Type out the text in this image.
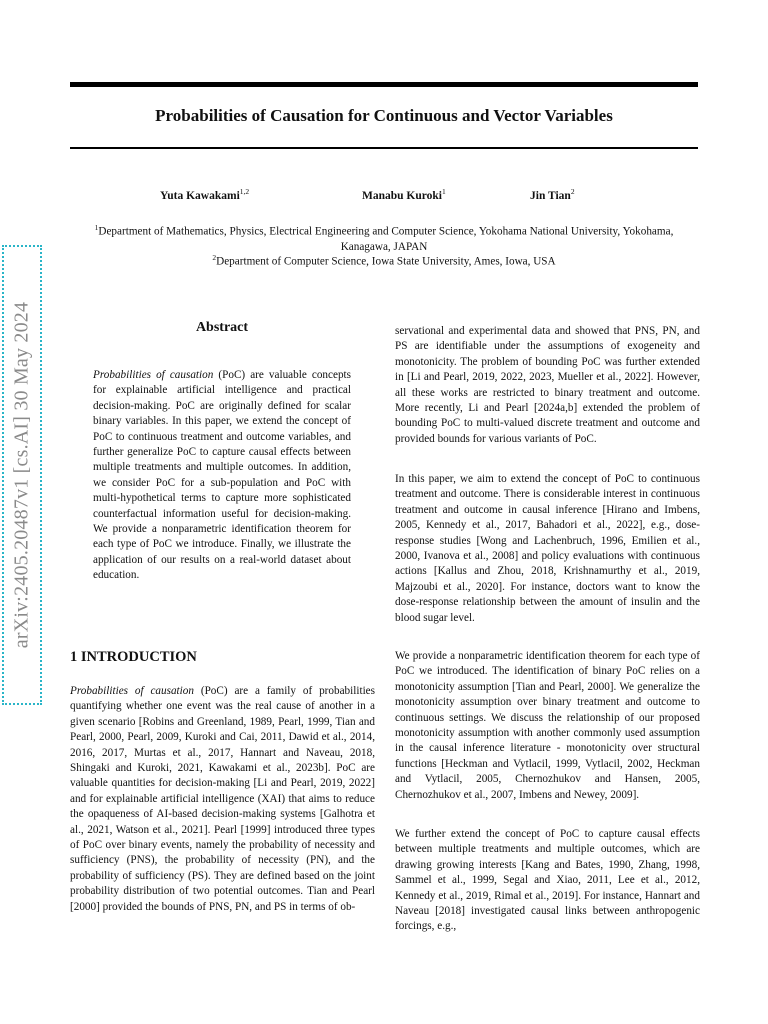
Probabilities of Causation for Continuous and Vector Variables
Yuta Kawakami$^{1,2}$	Manabu Kuroki$^1$	Jin Tian$^2$
$^1$Department of Mathematics, Physics, Electrical Engineering and Computer Science, Yokohama National University, Yokohama, Kanagawa, JAPAN
$^2$Department of Computer Science, Iowa State University, Ames, Iowa, USA
arXiv:2405.20487v1 [cs.AI] 30 May 2024	Abstract
Probabilities of causation (PoC) are valuable concepts for explainable artificial intelligence and practical decision-making. PoC are originally defined for scalar binary variables. In this paper, we extend the concept of PoC to continuous treatment and outcome variables, and further generalize PoC to capture causal effects between multiple treatments and multiple outcomes. In addition, we consider PoC for a sub-population and PoC with multi-hypothetical terms to capture more sophisticated counterfactual information useful for decision-making. We provide a nonparametric identification theorem for each type of PoC we introduce. Finally, we illustrate the application of our results on a real-world dataset about education.
1 INTRODUCTION
Probabilities of causation (PoC) are a family of probabilities quantifying whether one event was the real cause of another in a given scenario [Robins and Greenland, 1989, Pearl, 1999, Tian and Pearl, 2000, Pearl, 2009, Kuroki and Cai, 2011, Dawid et al., 2014, 2016, 2017, Murtas et al., 2017, Hannart and Naveau, 2018, Shingaki and Kuroki, 2021, Kawakami et al., 2023b]. PoC are valuable quantities for decision-making [Li and Pearl, 2019, 2022] and for explainable artificial intelligence (XAI) that aims to reduce the opaqueness of AI-based decision-making systems [Galhotra et al., 2021, Watson et al., 2021]. Pearl [1999] introduced three types of PoC over binary events, namely the probability of necessity and sufficiency (PNS), the probability of necessity (PN), and the probability of sufficiency (PS). They are defined based on the joint probability distribution of two potential outcomes. Tian and Pearl [2000] provided the bounds of PNS, PN, and PS in terms of ob-
servational and experimental data and showed that PNS, PN, and PS are identifiable under the assumptions of exogeneity and monotonicity. The problem of bounding PoC was further extended in [Li and Pearl, 2019, 2022, 2023, Mueller et al., 2022]. However, all these works are restricted to binary treatment and outcome. More recently, Li and Pearl [2024a,b] extended the problem of bounding PoC to multi-valued discrete treatment and outcome and provided bounds for various variants of PoC.
In this paper, we aim to extend the concept of PoC to continuous treatment and outcome. There is considerable interest in continuous treatment and outcome in causal inference [Hirano and Imbens, 2005, Kennedy et al., 2017, Bahadori et al., 2022], e.g., dose-response studies [Wong and Lachenbruch, 1996, Emilien et al., 2000, Ivanova et al., 2008] and policy evaluations with continuous actions [Kallus and Zhou, 2018, Krishnamurthy et al., 2019, Majzoubi et al., 2020]. For instance, doctors want to know the dose-response relationship between the amount of insulin and the blood sugar level.
We provide a nonparametric identification theorem for each type of PoC we introduced. The identification of binary PoC relies on a monotonicity assumption [Tian and Pearl, 2000]. We generalize the monotonicity assumption over binary treatment and outcome to continuous settings. We discuss the relationship of our proposed monotonicity assumption with another commonly used assumption in the causal inference literature - monotonicity over structural functions [Heckman and Vytlacil, 1999, Vytlacil, 2002, Heckman and Vytlacil, 2005, Chernozhukov and Hansen, 2005, Chernozhukov et al., 2007, Imbens and Newey, 2009].
We further extend the concept of PoC to capture causal effects between multiple treatments and multiple outcomes, which are drawing growing interests [Kang and Bates, 1990, Zhang, 1998, Sammel et al., 1999, Segal and Xiao, 2011, Lee et al., 2012, Kennedy et al., 2019, Rimal et al., 2019]. For instance, Hannart and Naveau [2018] investigated causal links between anthropogenic forcings, e.g.,
